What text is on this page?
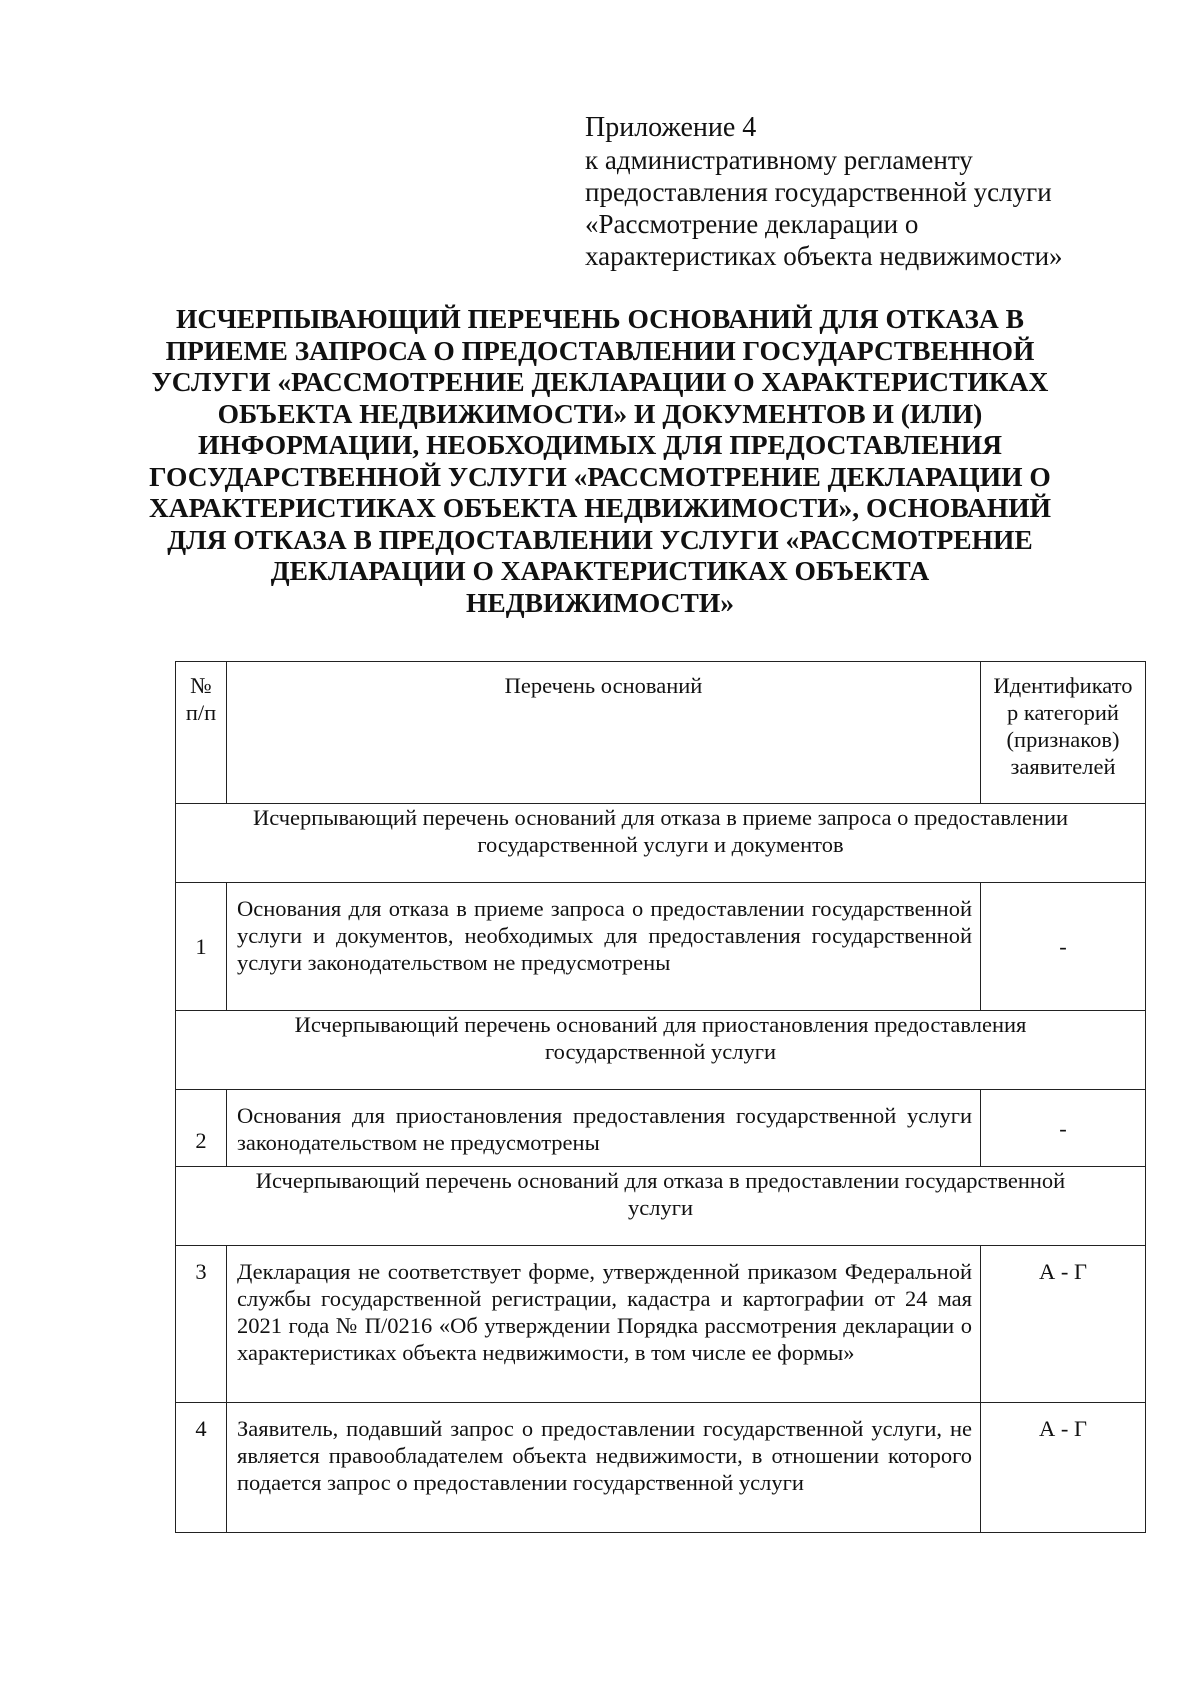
Приложение 4
к административному регламенту
предоставления государственной услуги
«Рассмотрение декларации о
характеристиках объекта недвижимости»
ИСЧЕРПЫВАЮЩИЙ ПЕРЕЧЕНЬ ОСНОВАНИЙ ДЛЯ ОТКАЗА В
ПРИЕМЕ ЗАПРОСА О ПРЕДОСТАВЛЕНИИ ГОСУДАРСТВЕННОЙ
УСЛУГИ «РАССМОТРЕНИЕ ДЕКЛАРАЦИИ О ХАРАКТЕРИСТИКАХ
ОБЪЕКТА НЕДВИЖИМОСТИ» И ДОКУМЕНТОВ И (ИЛИ)
ИНФОРМАЦИИ, НЕОБХОДИМЫХ ДЛЯ ПРЕДОСТАВЛЕНИЯ
ГОСУДАРСТВЕННОЙ УСЛУГИ «РАССМОТРЕНИЕ ДЕКЛАРАЦИИ О
ХАРАКТЕРИСТИКАХ ОБЪЕКТА НЕДВИЖИМОСТИ», ОСНОВАНИЙ
ДЛЯ ОТКАЗА В ПРЕДОСТАВЛЕНИИ УСЛУГИ «РАССМОТРЕНИЕ
ДЕКЛАРАЦИИ О ХАРАКТЕРИСТИКАХ ОБЪЕКТА
НЕДВИЖИМОСТИ»
№
п/п	Перечень оснований	Идентификато
р категорий
(признаков)
заявителей

Исчерпывающий перечень оснований для отказа в приеме запроса о предоставлении
государственной услуги и документов		

1	Основания для отказа в приеме запроса о предоставлении государственной услуги и документов, необходимых для предоставления государственной услуги законодательством не предусмотрены	-

Исчерпывающий перечень оснований для приостановления предоставления
государственной услуги		

2	Основания для приостановления предоставления государственной услуги законодательством не предусмотрены	-

Исчерпывающий перечень оснований для отказа в предоставлении государственной
услуги		

3	Декларация не соответствует форме, утвержденной приказом Федеральной службы государственной регистрации, кадастра и картографии от 24 мая 2021 года № П/0216 «Об утверждении Порядка рассмотрения декларации о характеристиках объекта недвижимости, в том числе ее формы»	А - Г
4	Заявитель, подавший запрос о предоставлении государственной услуги, не является правообладателем объекта недвижимости, в отношении которого подается запрос о предоставлении государственной услуги	А - Г
